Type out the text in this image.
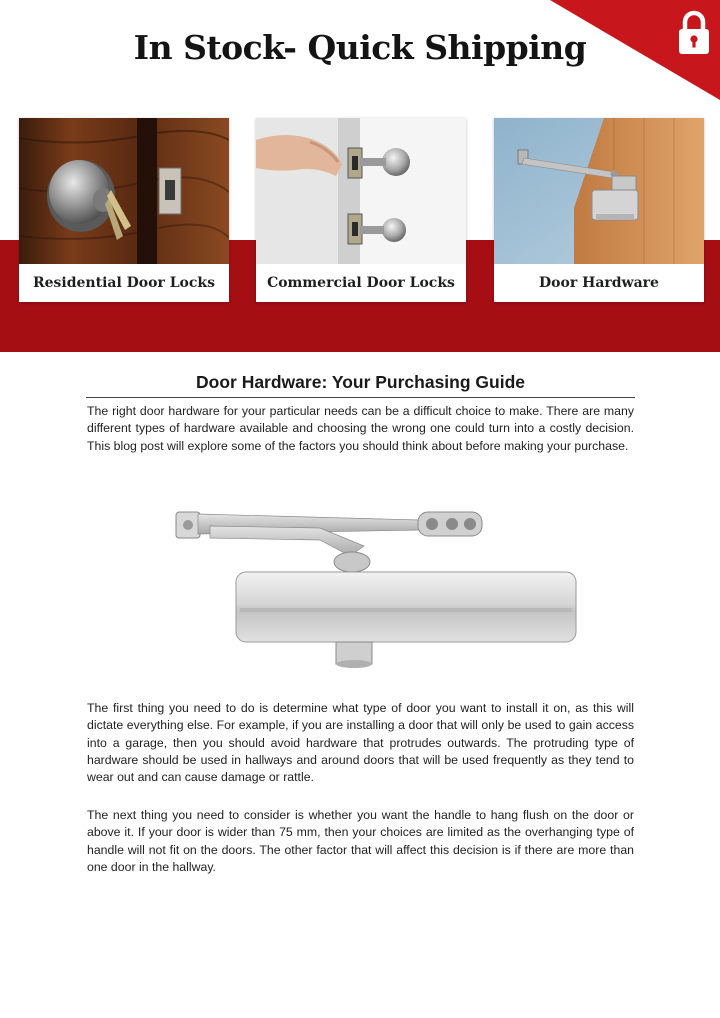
In Stock- Quick Shipping
Residential Door Locks	Commercial Door Locks	Door Hardware
Door Hardware: Your Purchasing Guide

The right door hardware for your particular needs can be a difficult choice to make. There are many different types of hardware available and choosing the wrong one could turn into a costly decision. This blog post will explore some of the factors you should think about before making your purchase.

The first thing you need to do is determine what type of door you want to install it on, as this will dictate everything else. For example, if you are installing a door that will only be used to gain access into a garage, then you should avoid hardware that protrudes outwards. The protruding type of hardware should be used in hallways and around doors that will be used frequently as they tend to wear out and can cause damage or rattle.

The next thing you need to consider is whether you want the handle to hang flush on the door or above it. If your door is wider than 75 mm, then your choices are limited as the overhanging type of handle will not fit on the doors. The other factor that will affect this decision is if there are more than one door in the hallway.
